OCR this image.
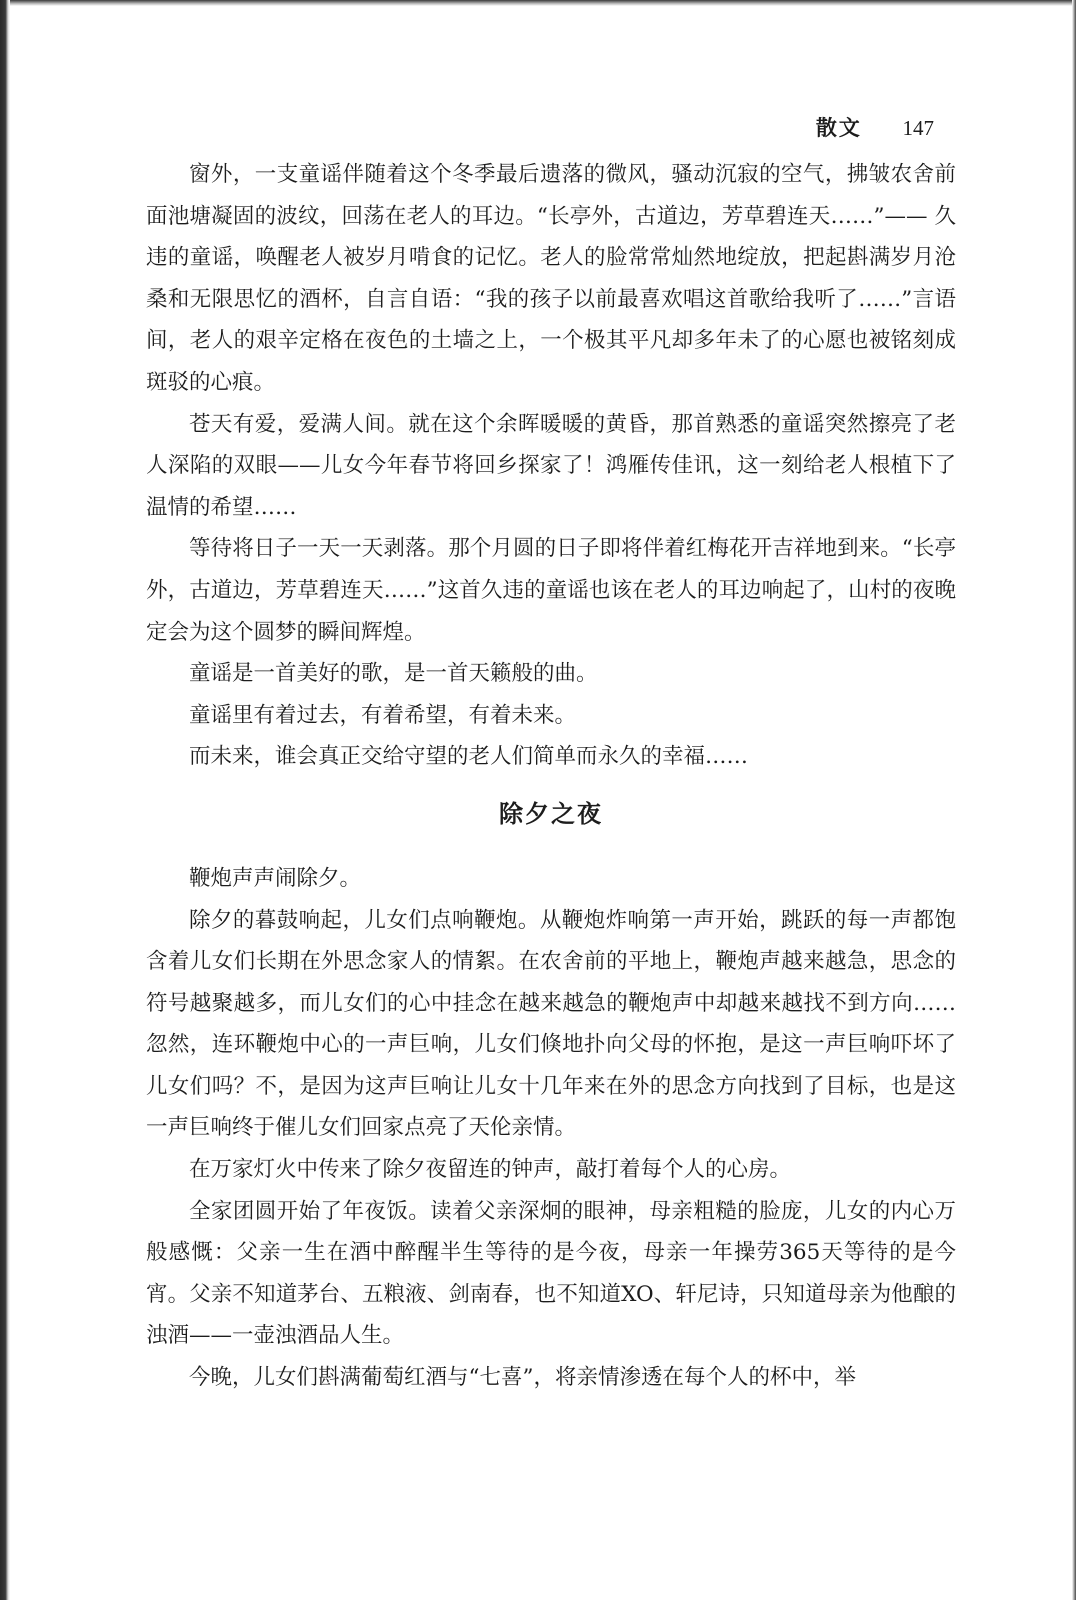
散文 147

窗外，一支童谣伴随着这个冬季最后遗落的微风，骚动沉寂的空气，拂皱农舍前面池塘凝固的波纹，回荡在老人的耳边。“长亭外，古道边，芳草碧连天……”—— 久违的童谣，唤醒老人被岁月啃食的记忆。老人的脸常常灿然地绽放，把起斟满岁月沧桑和无限思忆的酒杯，自言自语：“我的孩子以前最喜欢唱这首歌给我听了……”言语间，老人的艰辛定格在夜色的土墙之上，一个极其平凡却多年未了的心愿也被铭刻成斑驳的心痕。

苍天有爱，爱满人间。就在这个余晖暖暖的黄昏，那首熟悉的童谣突然擦亮了老人深陷的双眼——儿女今年春节将回乡探家了！鸿雁传佳讯，这一刻给老人根植下了温情的希望……

等待将日子一天一天剥落。那个月圆的日子即将伴着红梅花开吉祥地到来。“长亭外，古道边，芳草碧连天……”这首久违的童谣也该在老人的耳边响起了，山村的夜晚定会为这个圆梦的瞬间辉煌。

童谣是一首美好的歌，是一首天籁般的曲。

童谣里有着过去，有着希望，有着未来。

而未来，谁会真正交给守望的老人们简单而永久的幸福……

除夕之夜

鞭炮声声闹除夕。

除夕的暮鼓响起，儿女们点响鞭炮。从鞭炮炸响第一声开始，跳跃的每一声都饱含着儿女们长期在外思念家人的情絮。在农舍前的平地上，鞭炮声越来越急，思念的符号越聚越多，而儿女们的心中挂念在越来越急的鞭炮声中却越来越找不到方向……忽然，连环鞭炮中心的一声巨响，儿女们倏地扑向父母的怀抱，是这一声巨响吓坏了儿女们吗？不，是因为这声巨响让儿女十几年来在外的思念方向找到了目标，也是这一声巨响终于催儿女们回家点亮了天伦亲情。

在万家灯火中传来了除夕夜留连的钟声，敲打着每个人的心房。

全家团圆开始了年夜饭。读着父亲深炯的眼神，母亲粗糙的脸庞，儿女的内心万般感慨：父亲一生在酒中醉醒半生等待的是今夜，母亲一年操劳365天等待的是今宵。父亲不知道茅台、五粮液、剑南春，也不知道XO、轩尼诗，只知道母亲为他酿的浊酒——一壶浊酒品人生。

今晚，儿女们斟满葡萄红酒与“七喜”，将亲情渗透在每个人的杯中，举
